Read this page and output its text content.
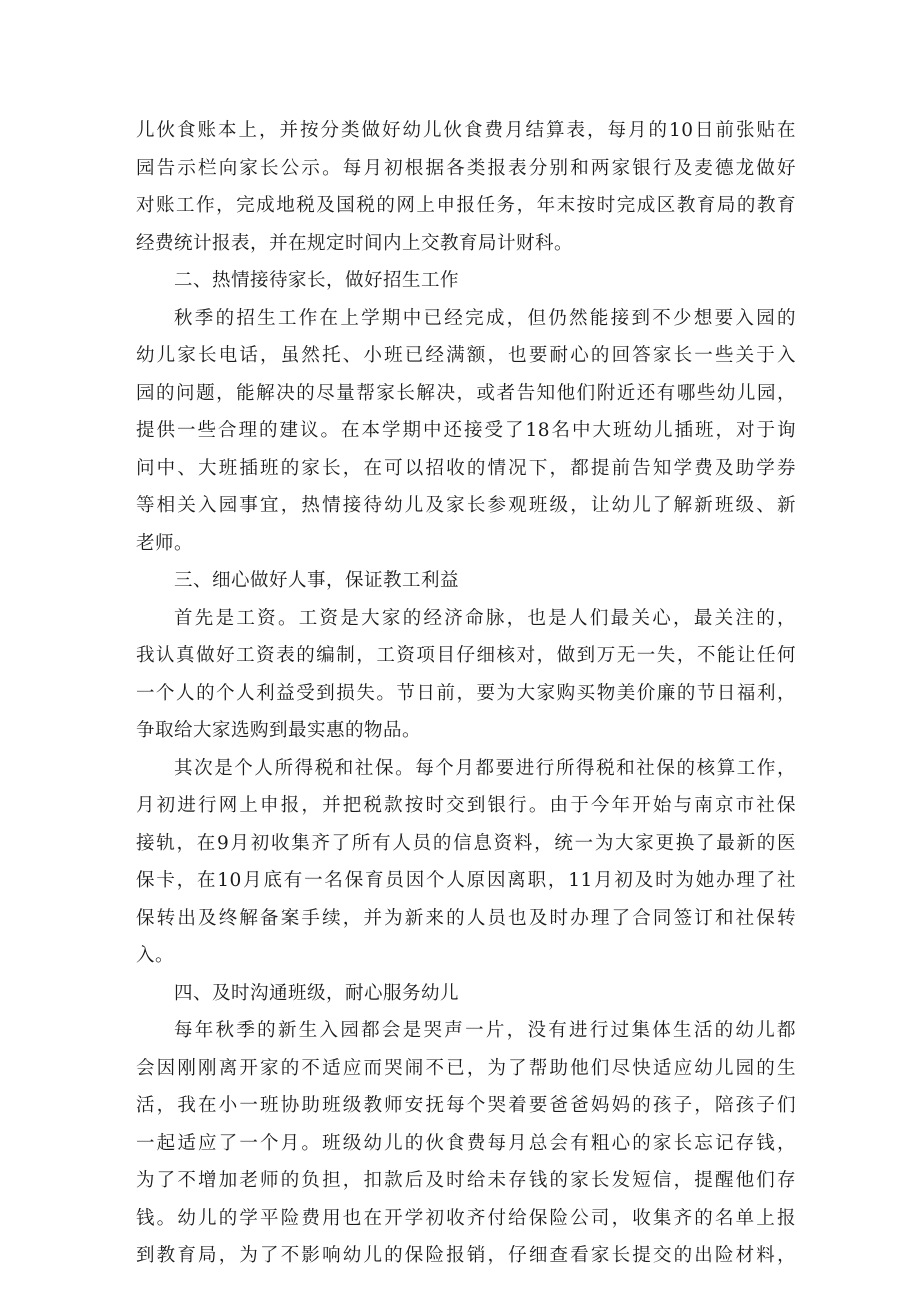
儿伙食账本上，并按分类做好幼儿伙食费月结算表，每月的10日前张贴在
园告示栏向家长公示。每月初根据各类报表分别和两家银行及麦德龙做好
对账工作，完成地税及国税的网上申报任务，年末按时完成区教育局的教育
经费统计报表，并在规定时间内上交教育局计财科。
二、热情接待家长，做好招生工作
秋季的招生工作在上学期中已经完成，但仍然能接到不少想要入园的
幼儿家长电话，虽然托、小班已经满额，也要耐心的回答家长一些关于入
园的问题，能解决的尽量帮家长解决，或者告知他们附近还有哪些幼儿园，
提供一些合理的建议。在本学期中还接受了18名中大班幼儿插班，对于询
问中、大班插班的家长，在可以招收的情况下，都提前告知学费及助学券
等相关入园事宜，热情接待幼儿及家长参观班级，让幼儿了解新班级、新
老师。
三、细心做好人事，保证教工利益
首先是工资。工资是大家的经济命脉，也是人们最关心，最关注的，
我认真做好工资表的编制，工资项目仔细核对，做到万无一失，不能让任何
一个人的个人利益受到损失。节日前，要为大家购买物美价廉的节日福利，
争取给大家选购到最实惠的物品。
其次是个人所得税和社保。每个月都要进行所得税和社保的核算工作，
月初进行网上申报，并把税款按时交到银行。由于今年开始与南京市社保
接轨，在9月初收集齐了所有人员的信息资料，统一为大家更换了最新的医
保卡，在10月底有一名保育员因个人原因离职，11月初及时为她办理了社
保转出及终解备案手续，并为新来的人员也及时办理了合同签订和社保转
入。
四、及时沟通班级，耐心服务幼儿
每年秋季的新生入园都会是哭声一片，没有进行过集体生活的幼儿都
会因刚刚离开家的不适应而哭闹不已，为了帮助他们尽快适应幼儿园的生
活，我在小一班协助班级教师安抚每个哭着要爸爸妈妈的孩子，陪孩子们
一起适应了一个月。班级幼儿的伙食费每月总会有粗心的家长忘记存钱，
为了不增加老师的负担，扣款后及时给未存钱的家长发短信，提醒他们存
钱。幼儿的学平险费用也在开学初收齐付给保险公司，收集齐的名单上报
到教育局，为了不影响幼儿的保险报销，仔细查看家长提交的出险材料，
